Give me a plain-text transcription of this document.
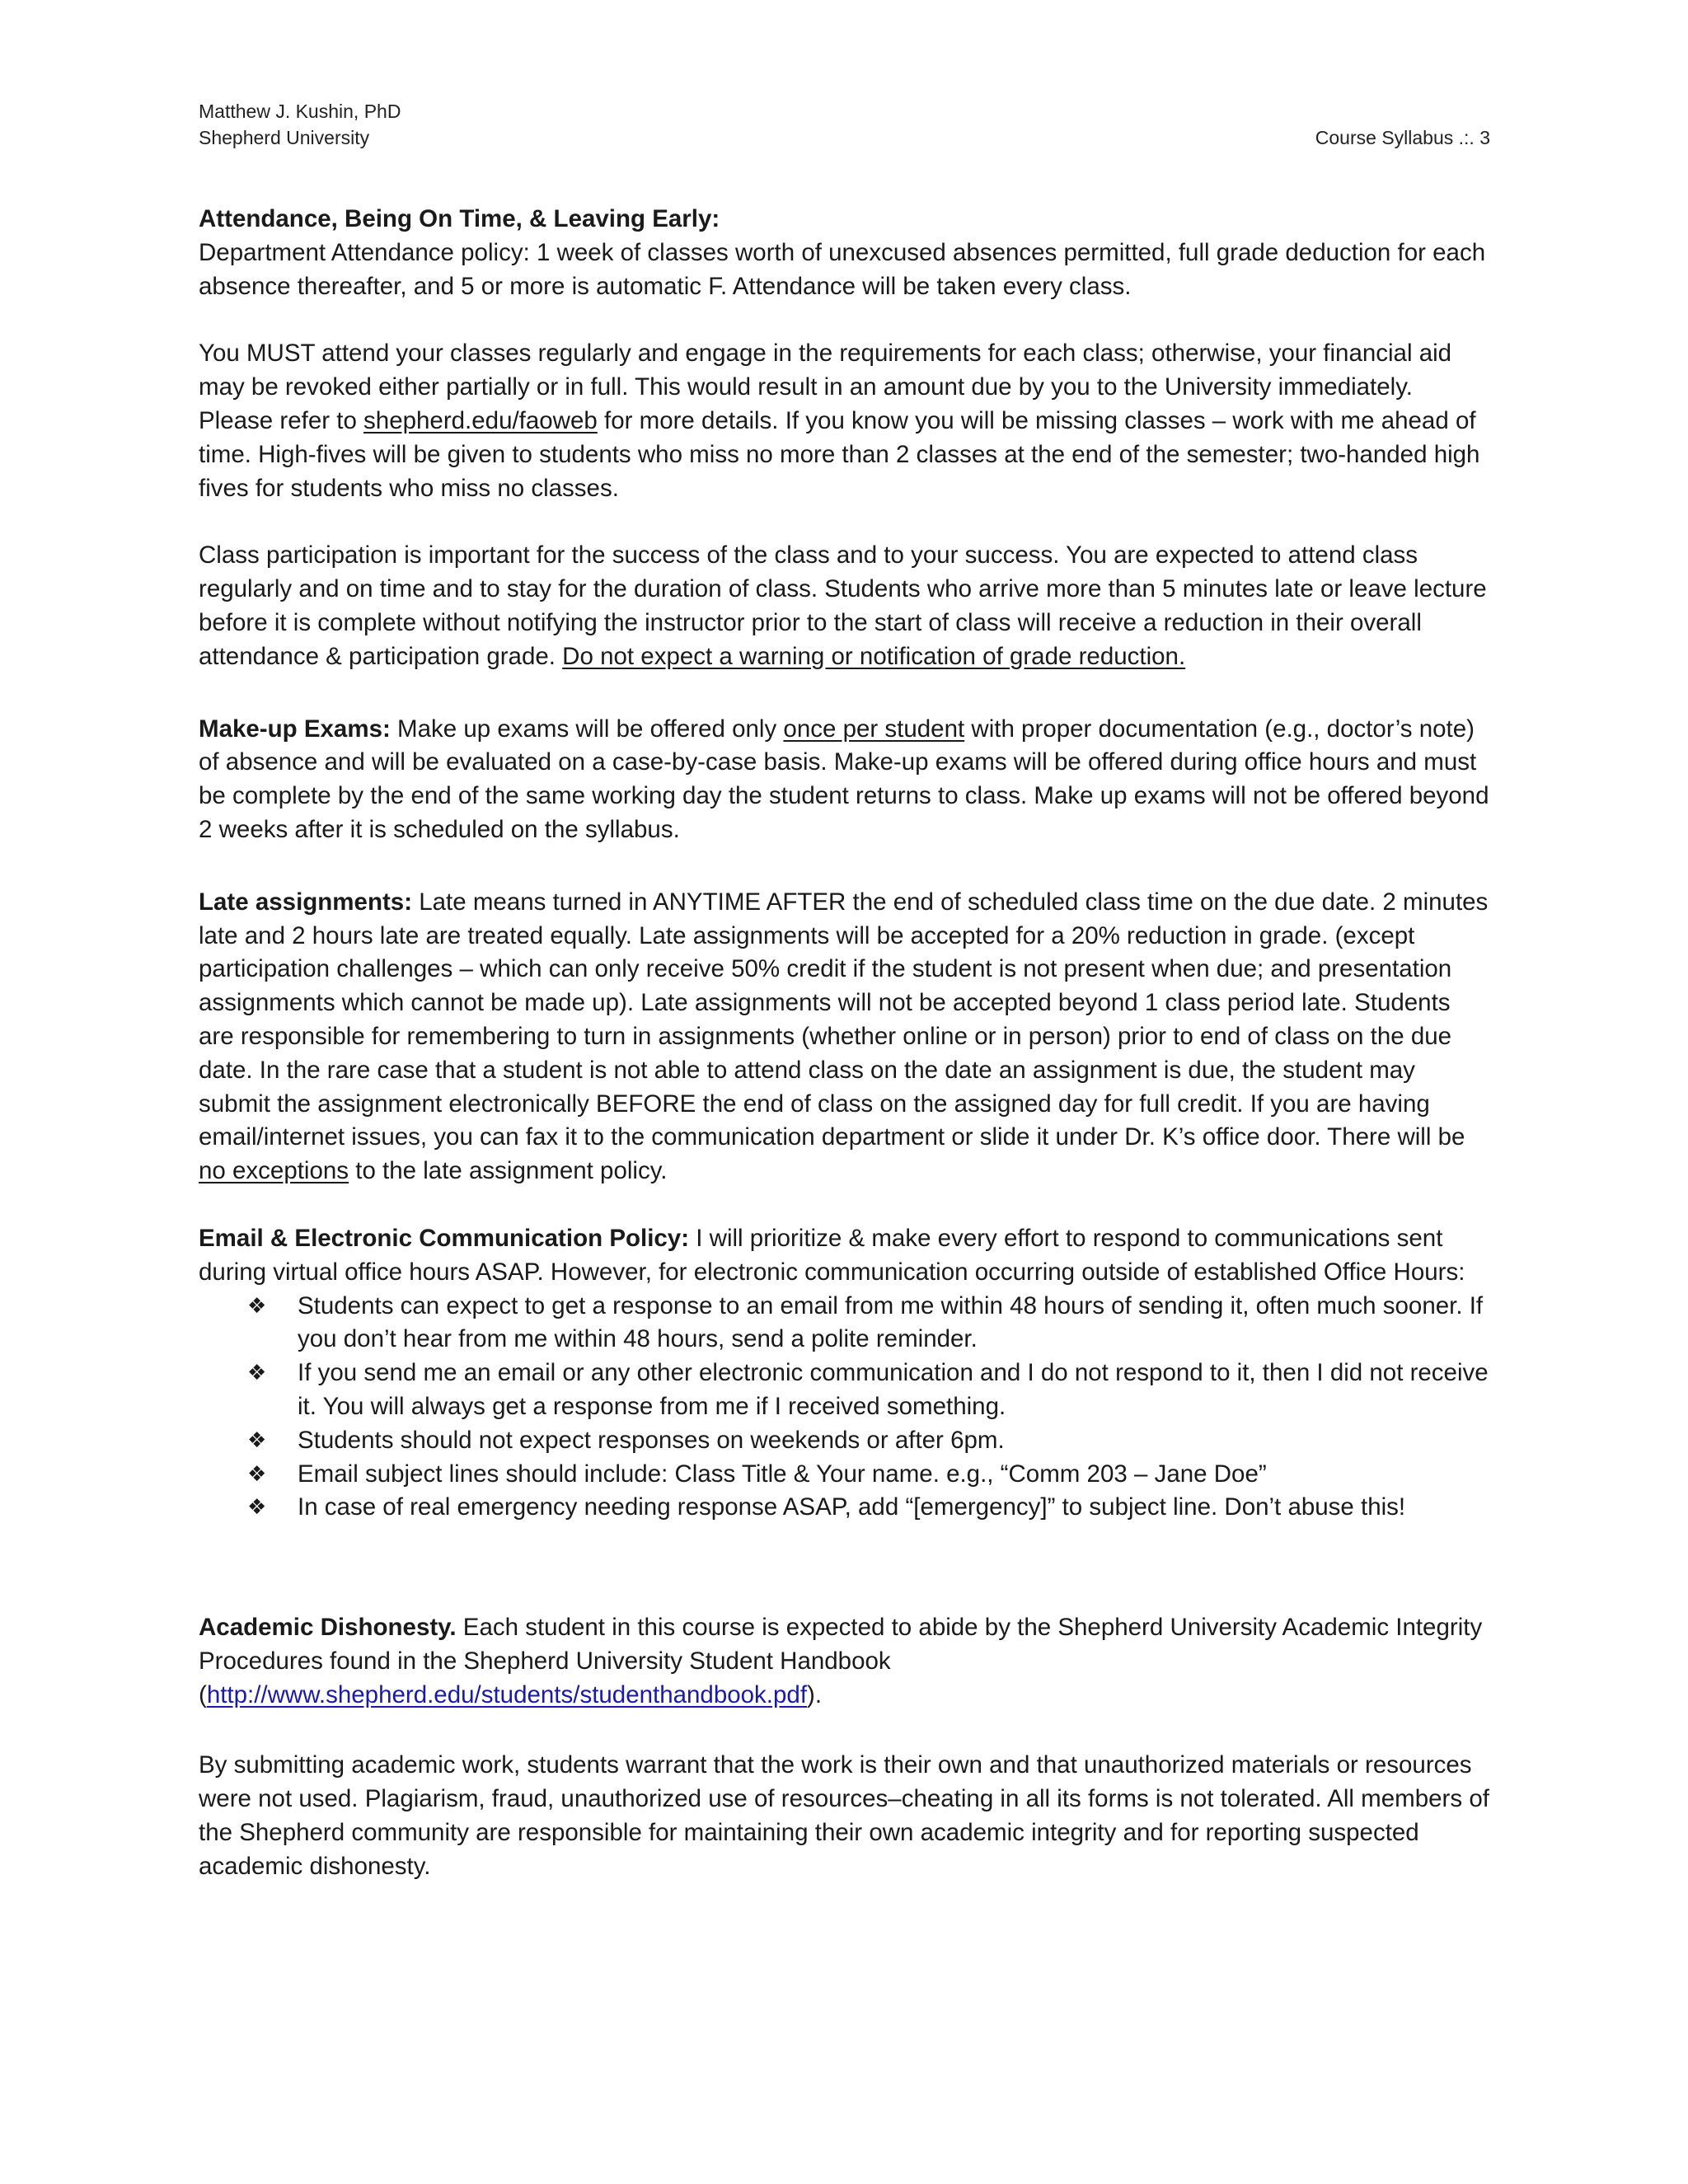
Matthew J. Kushin, PhD
Shepherd University	Course Syllabus .:. 3

Attendance, Being On Time, & Leaving Early:

Department Attendance policy: 1 week of classes worth of unexcused absences permitted, full grade deduction for each absence thereafter, and 5 or more is automatic F. Attendance will be taken every class.

You MUST attend your classes regularly and engage in the requirements for each class; otherwise, your financial aid may be revoked either partially or in full. This would result in an amount due by you to the University immediately. Please refer to shepherd.edu/faoweb for more details. If you know you will be missing classes – work with me ahead of time. High-fives will be given to students who miss no more than 2 classes at the end of the semester; two-handed high fives for students who miss no classes.

Class participation is important for the success of the class and to your success. You are expected to attend class regularly and on time and to stay for the duration of class. Students who arrive more than 5 minutes late or leave lecture before it is complete without notifying the instructor prior to the start of class will receive a reduction in their overall attendance & participation grade. Do not expect a warning or notification of grade reduction.

Make-up Exams: Make up exams will be offered only once per student with proper documentation (e.g., doctor’s note) of absence and will be evaluated on a case-by-case basis. Make-up exams will be offered during office hours and must be complete by the end of the same working day the student returns to class. Make up exams will not be offered beyond 2 weeks after it is scheduled on the syllabus.

Late assignments: Late means turned in ANYTIME AFTER the end of scheduled class time on the due date. 2 minutes late and 2 hours late are treated equally. Late assignments will be accepted for a 20% reduction in grade. (except participation challenges – which can only receive 50% credit if the student is not present when due; and presentation assignments which cannot be made up). Late assignments will not be accepted beyond 1 class period late. Students are responsible for remembering to turn in assignments (whether online or in person) prior to end of class on the due date. In the rare case that a student is not able to attend class on the date an assignment is due, the student may submit the assignment electronically BEFORE the end of class on the assigned day for full credit. If you are having email/internet issues, you can fax it to the communication department or slide it under Dr. K’s office door. There will be no exceptions to the late assignment policy.

Email & Electronic Communication Policy: I will prioritize & make every effort to respond to communications sent during virtual office hours ASAP. However, for electronic communication occurring outside of established Office Hours:

❖ Students can expect to get a response to an email from me within 48 hours of sending it, often much sooner. If you don’t hear from me within 48 hours, send a polite reminder.
❖ If you send me an email or any other electronic communication and I do not respond to it, then I did not receive it. You will always get a response from me if I received something.
❖ Students should not expect responses on weekends or after 6pm.
❖ Email subject lines should include: Class Title & Your name. e.g., “Comm 203 – Jane Doe”
❖ In case of real emergency needing response ASAP, add “[emergency]” to subject line. Don’t abuse this!

Academic Dishonesty. Each student in this course is expected to abide by the Shepherd University Academic Integrity Procedures found in the Shepherd University Student Handbook (http://www.shepherd.edu/students/studenthandbook.pdf).

By submitting academic work, students warrant that the work is their own and that unauthorized materials or resources were not used. Plagiarism, fraud, unauthorized use of resources–cheating in all its forms is not tolerated. All members of the Shepherd community are responsible for maintaining their own academic integrity and for reporting suspected academic dishonesty.
